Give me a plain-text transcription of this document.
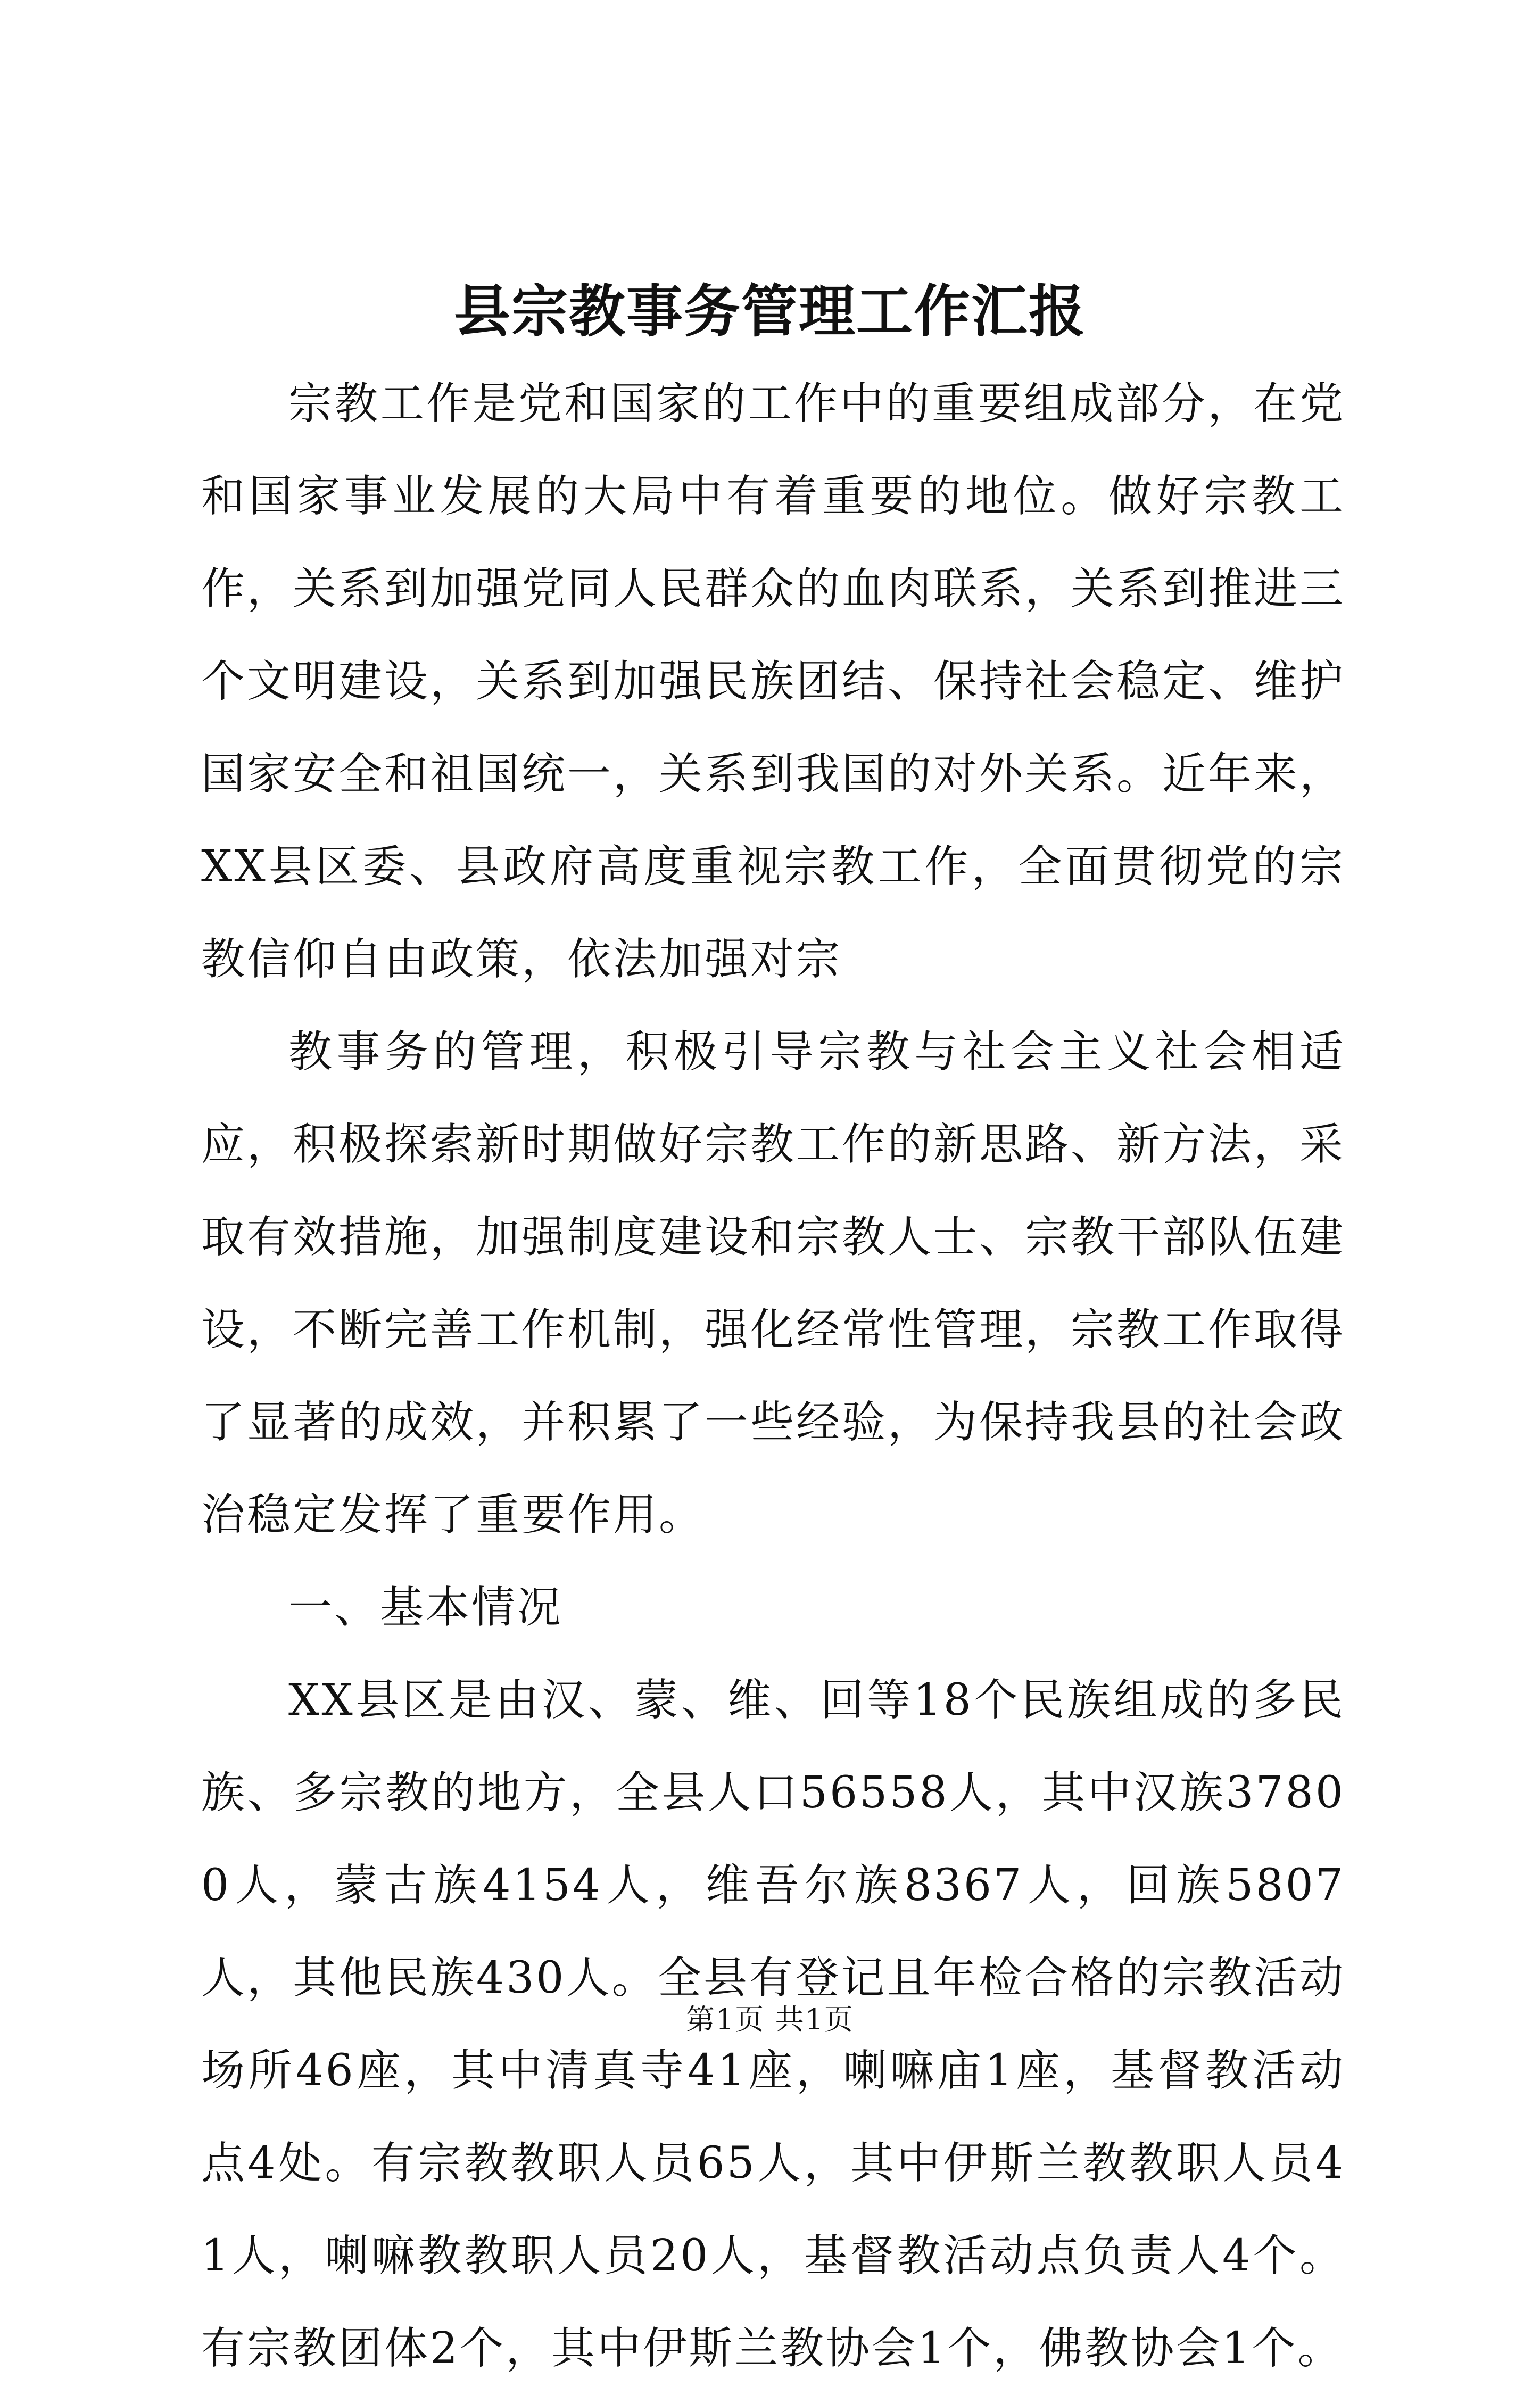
县宗教事务管理工作汇报

宗教工作是党和国家的工作中的重要组成部分，在党和国家事业发展的大局中有着重要的地位。做好宗教工作，关系到加强党同人民群众的血肉联系，关系到推进三个文明建设，关系到加强民族团结、保持社会稳定、维护国家安全和祖国统一，关系到我国的对外关系。近年来，XX县区委、县政府高度重视宗教工作，全面贯彻党的宗教信仰自由政策，依法加强对宗

教事务的管理，积极引导宗教与社会主义社会相适应，积极探索新时期做好宗教工作的新思路、新方法，采取有效措施，加强制度建设和宗教人士、宗教干部队伍建设，不断完善工作机制，强化经常性管理，宗教工作取得了显著的成效，并积累了一些经验，为保持我县的社会政治稳定发挥了重要作用。

一、基本情况

XX县区是由汉、蒙、维、回等18个民族组成的多民族、多宗教的地方，全县人口56558人，其中汉族37800人，蒙古族4154人，维吾尔族8367人，回族5807人，其他民族430人。全县有登记且年检合格的宗教活动场所46座，其中清真寺41座，喇嘛庙1座，基督教活动点4处。有宗教教职人员65人，其中伊斯兰教教职人员41人，喇嘛教教职人员20人，基督教活动点负责人4个。有宗教团体2个，其中伊斯兰教协会1个，佛教协会1个。

第1页 共1页
